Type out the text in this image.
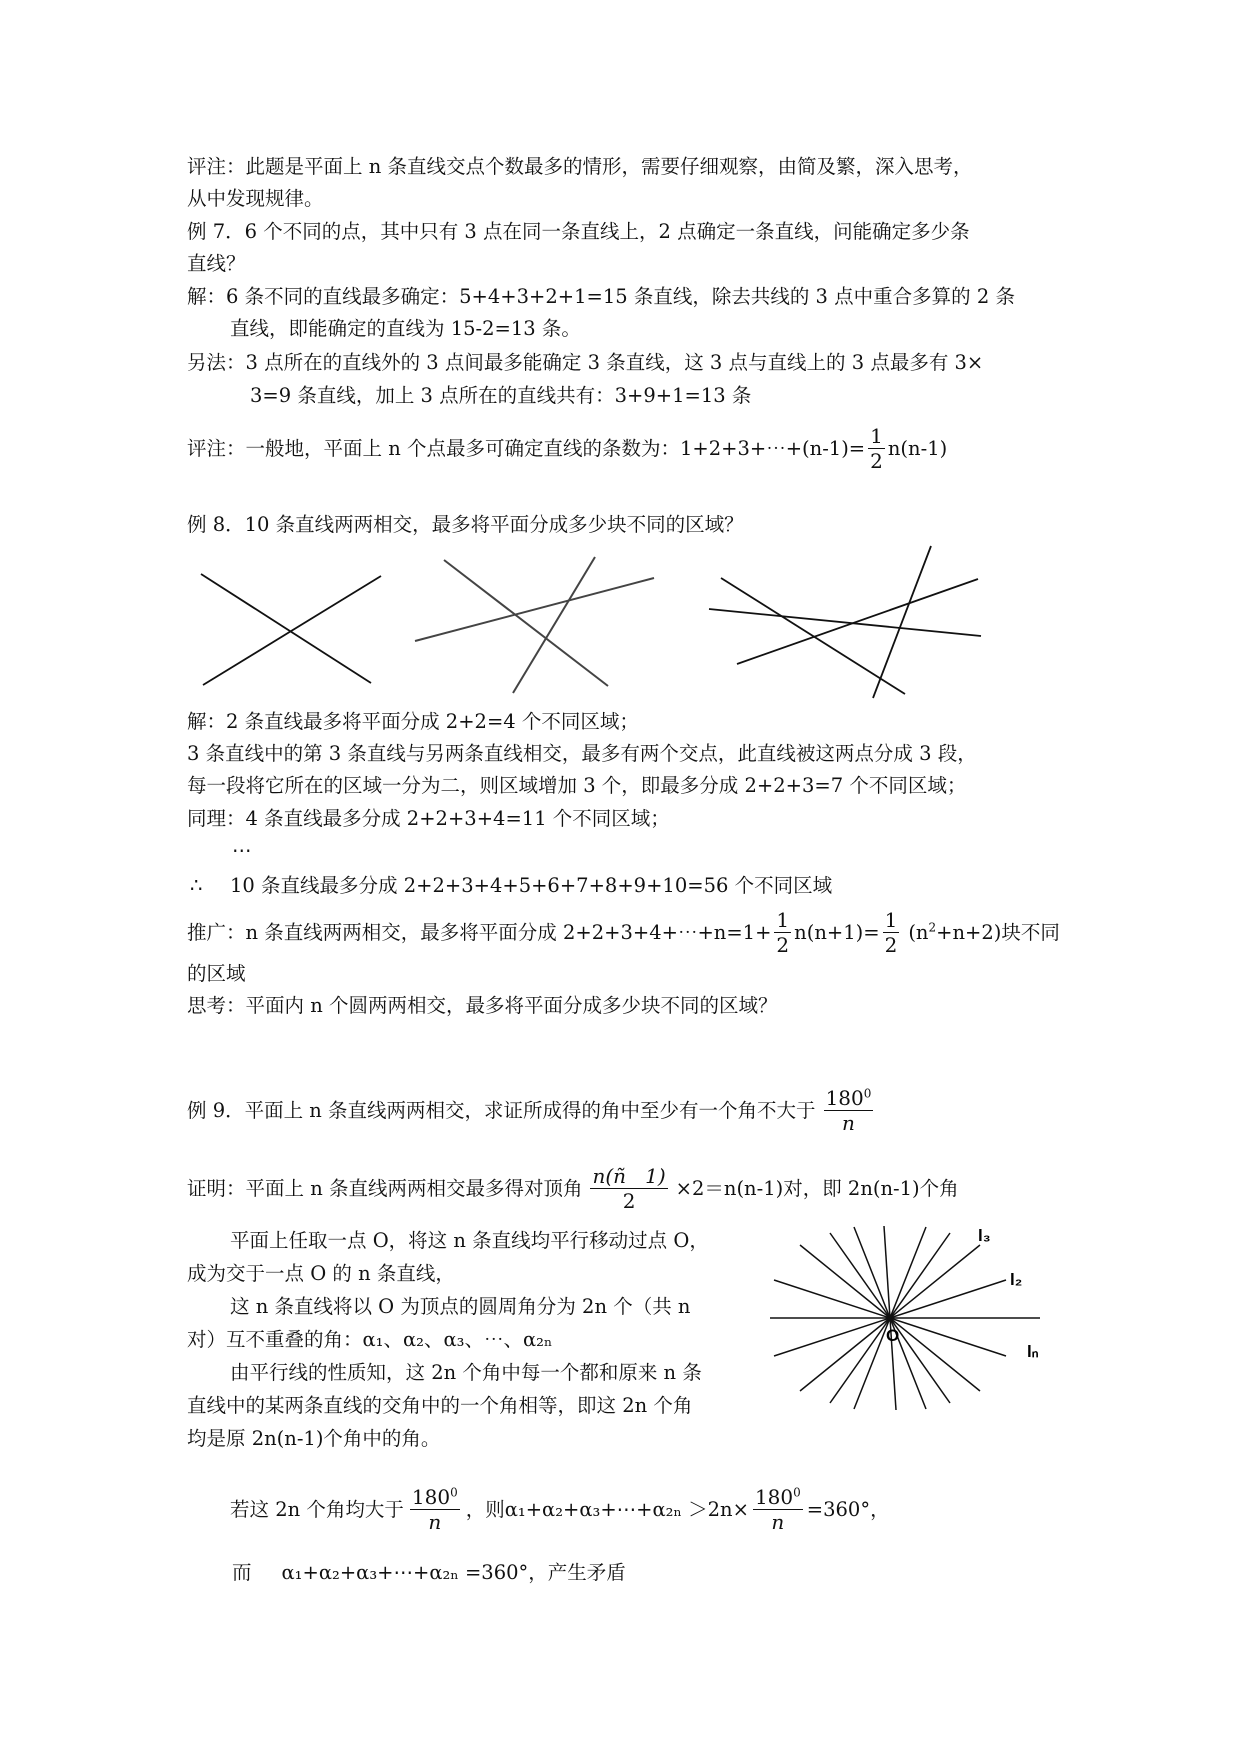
评注：此题是平面上 n 条直线交点个数最多的情形，需要仔细观察，由简及繁，深入思考，
从中发现规律。
例 7．6 个不同的点，其中只有 3 点在同一条直线上，2 点确定一条直线，问能确定多少条
直线？
解：6 条不同的直线最多确定：5+4+3+2+1=15 条直线，除去共线的 3 点中重合多算的 2 条
直线，即能确定的直线为 15-2=13 条。
另法：3 点所在的直线外的 3 点间最多能确定 3 条直线，这 3 点与直线上的 3 点最多有 3×
3=9 条直线，加上 3 点所在的直线共有：3+9+1=13 条
评注：一般地，平面上 n 个点最多可确定直线的条数为：1+2+3+⋯+(n-1)= $\frac{1}{2} n(n-1)$
例 8．10 条直线两两相交，最多将平面分成多少块不同的区域？
解：2 条直线最多将平面分成 2+2=4 个不同区域；
3 条直线中的第 3 条直线与另两条直线相交，最多有两个交点，此直线被这两点分成 3 段，
每一段将它所在的区域一分为二，则区域增加 3 个，即最多分成 2+2+3=7 个不同区域；
同理：4 条直线最多分成 2+2+3+4=11 个不同区域；
⋯
∴ 10 条直线最多分成 2+2+3+4+5+6+7+8+9+10=56 个不同区域
推广：n 条直线两两相交，最多将平面分成 2+2+3+4+⋯+n=1+ $\frac{1}{2} n(n+1)= \frac{1}{2} (n^2+n+2)$块不同
的区域
思考：平面内 n 个圆两两相交，最多将平面分成多少块不同的区域？
例 9．平面上 n 条直线两两相交，求证所成得的角中至少有一个角不大于 $\frac{180^0}{n}$
证明：平面上 n 条直线两两相交最多得对顶角 $\frac{n(ñ 1)}{2} \times 2=n(n-1)$对，即 2n(n-1)个角
平面上任取一点 O，将这 n 条直线均平行移动过点 O，
成为交于一点 O 的 n 条直线，
这 n 条直线将以 O 为顶点的圆周角分为 2n 个（共 n
对）互不重叠的角：α₁、α₂、α₃、⋯、α₂ₙ
由平行线的性质知，这 2n 个角中每一个都和原来 n 条
直线中的某两条直线的交角中的一个角相等，即这 2n 个角
均是原 2n(n-1)个角中的角。
O
l₃
l₂
lₙ
若这 2n 个角均大于 $\frac{180^0}{n}$ ，则α₁+α₂+α₃+⋯+α₂ₙ $>2n\times \frac{180^0}{n} =360^\circ$，
而 α₁+α₂+α₃+⋯+α₂ₙ =360°，产生矛盾
